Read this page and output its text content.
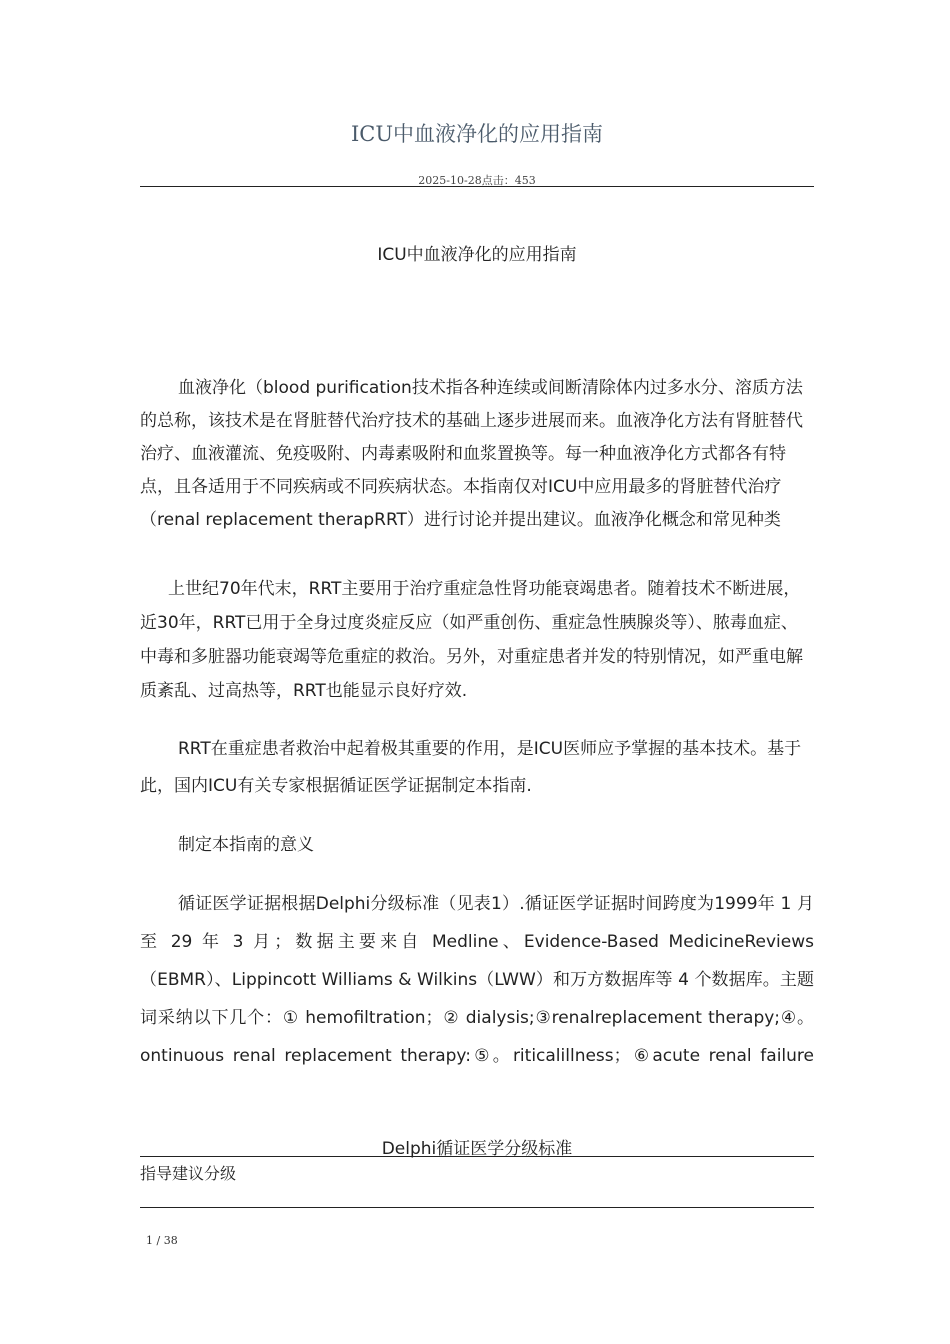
ICU中血液净化的应用指南
2025-10-28点击：453
ICU中血液净化的应用指南
血液净化（blood purification技术指各种连续或间断清除体内过多水分、溶质方法的总称，该技术是在肾脏替代治疗技术的基础上逐步进展而来。血液净化方法有肾脏替代治疗、血液灌流、免疫吸附、内毒素吸附和血浆置换等。每一种血液净化方式都各有特点，且各适用于不同疾病或不同疾病状态。本指南仅对ICU中应用最多的肾脏替代治疗（renal replacement therapRRT）进行讨论并提出建议。血液净化概念和常见种类
上世纪70年代末，RRT主要用于治疗重症急性肾功能衰竭患者。随着技术不断进展，近30年，RRT已用于全身过度炎症反应（如严重创伤、重症急性胰腺炎等）、脓毒血症、中毒和多脏器功能衰竭等危重症的救治。另外，对重症患者并发的特别情况，如严重电解质紊乱、过高热等，RRT也能显示良好疗效.
RRT在重症患者救治中起着极其重要的作用，是ICU医师应予掌握的基本技术。基于此，国内ICU有关专家根据循证医学证据制定本指南.
制定本指南的意义
循证医学证据根据Delphi分级标准（见表1）.循证医学证据时间跨度为1999年 1 月至 29 年 3 月；数据主要来自 Medline、Evidence-Based MedicineReviews（EBMR）、Lippincott Williams & Wilkins（LWW）和万方数据库等 4 个数据库。主题词采纳以下几个：① hemofiltration；② dialysis;③renalreplacement therapy;④。ontinuous renal replacement therapy:⑤。riticalillness；⑥acute renal failure
Delphi循证医学分级标准
指导建议分级
1 / 38
